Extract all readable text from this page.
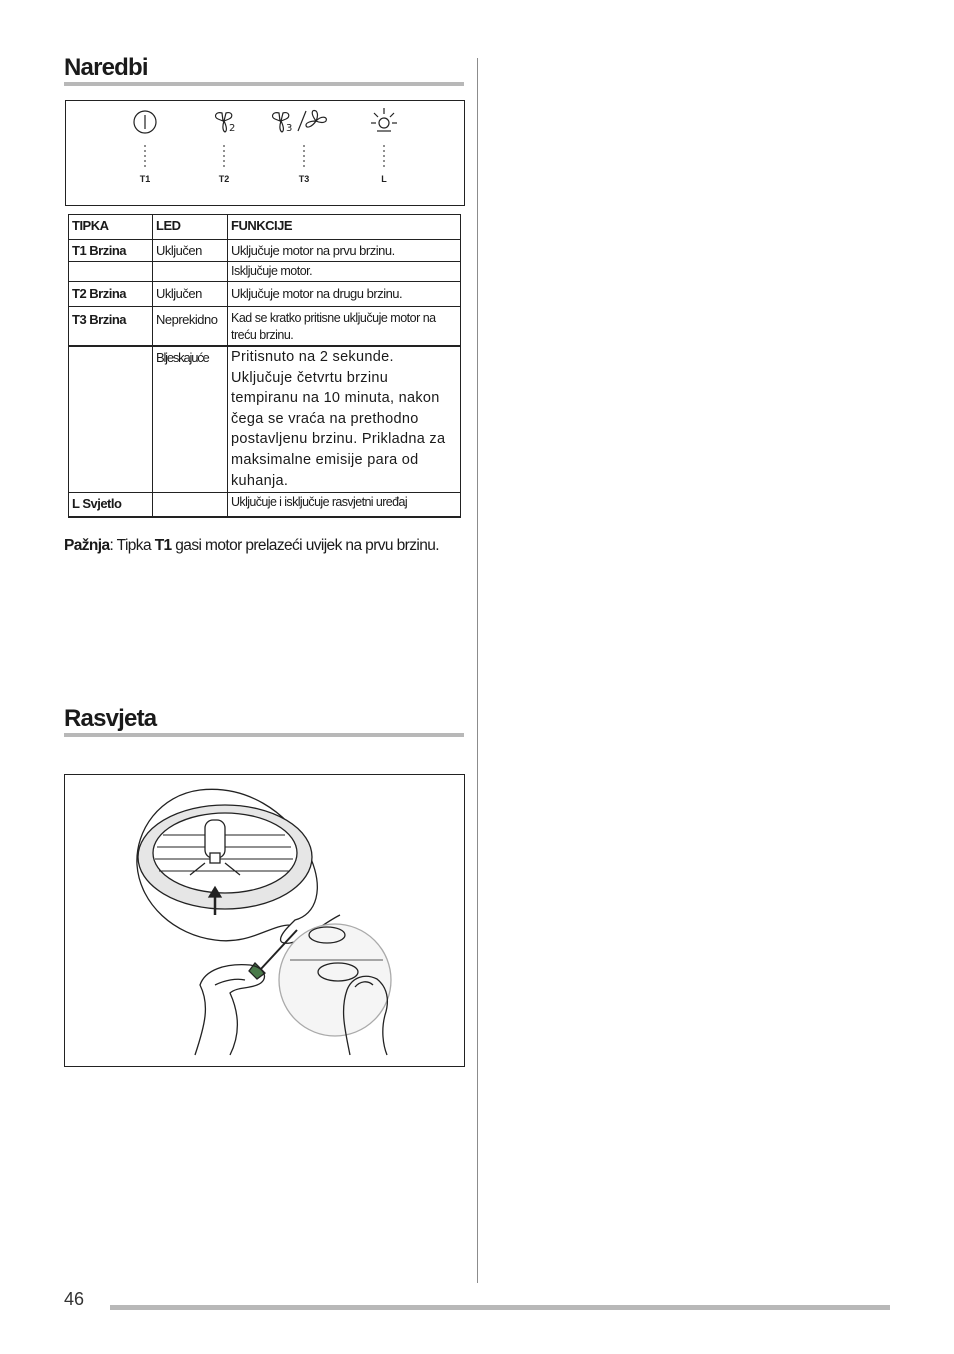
Naredbi
2	3
T1	T2	T3	L
TIPKA	LED	FUNKCIJE
T1 Brzina	Uključen	Uključuje motor na prvu brzinu.
		Isključuje motor.
T2 Brzina	Uključen	Uključuje motor na drugu brzinu.
T3 Brzina	Neprekidno	Kad se kratko pritisne uključuje motor na treću brzinu.
	Bljeskajuće	Pritisnuto na 2 sekunde. Uključuje četvrtu brzinu tempiranu na 10 minuta, nakon čega se vraća na prethodno postavljenu brzinu. Prikladna za maksimalne emisije para od kuhanja.
L Svjetlo		Uključuje i isključuje rasvjetni uređaj
Pažnja: Tipka T1 gasi motor prelazeći uvijek na prvu brzinu.
Rasvjeta
46
